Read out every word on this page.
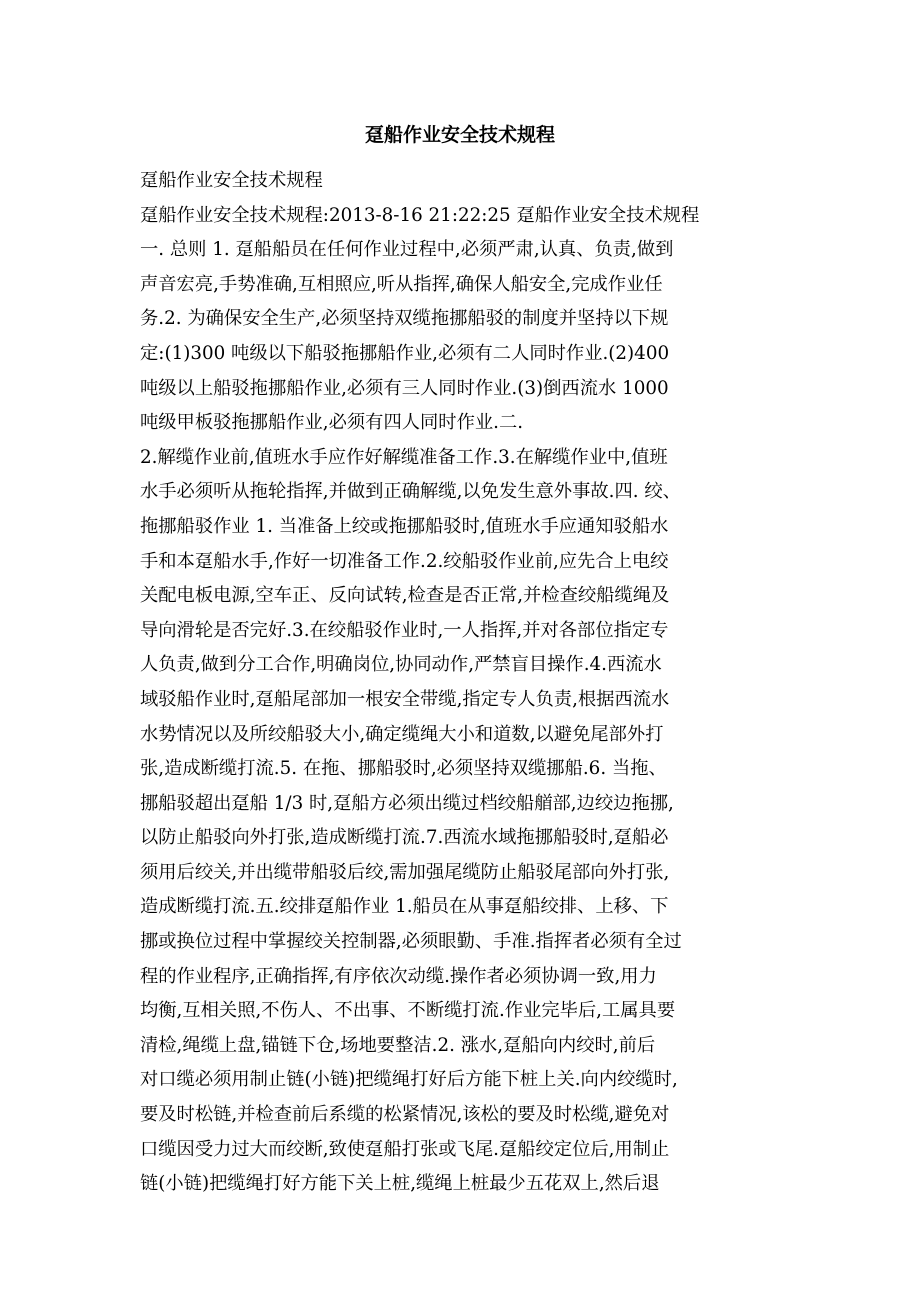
趸船作业安全技术规程
趸船作业安全技术规程
趸船作业安全技术规程:2013-8-16 21:22:25 趸船作业安全技术规程
一. 总则 1. 趸船船员在任何作业过程中,必须严肃,认真、负责,做到
声音宏亮,手势准确,互相照应,听从指挥,确保人船安全,完成作业任
务.2. 为确保安全生产,必须坚持双缆拖挪船驳的制度并坚持以下规
定:(1)300 吨级以下船驳拖挪船作业,必须有二人同时作业.(2)400
吨级以上船驳拖挪船作业,必须有三人同时作业.(3)倒西流水 1000
吨级甲板驳拖挪船作业,必须有四人同时作业.二.
2.解缆作业前,值班水手应作好解缆准备工作.3.在解缆作业中,值班
水手必须听从拖轮指挥,并做到正确解缆,以免发生意外事故.四. 绞、
拖挪船驳作业 1. 当准备上绞或拖挪船驳时,值班水手应通知驳船水
手和本趸船水手,作好一切准备工作.2.绞船驳作业前,应先合上电绞
关配电板电源,空车正、反向试转,检查是否正常,并检查绞船缆绳及
导向滑轮是否完好.3.在绞船驳作业时,一人指挥,并对各部位指定专
人负责,做到分工合作,明确岗位,协同动作,严禁盲目操作.4.西流水
域驳船作业时,趸船尾部加一根安全带缆,指定专人负责,根据西流水
水势情况以及所绞船驳大小,确定缆绳大小和道数,以避免尾部外打
张,造成断缆打流.5. 在拖、挪船驳时,必须坚持双缆挪船.6. 当拖、
挪船驳超出趸船 1/3 时,趸船方必须出缆过档绞船艏部,边绞边拖挪,
以防止船驳向外打张,造成断缆打流.7.西流水域拖挪船驳时,趸船必
须用后绞关,并出缆带船驳后绞,需加强尾缆防止船驳尾部向外打张,
造成断缆打流.五.绞排趸船作业 1.船员在从事趸船绞排、上移、下
挪或换位过程中掌握绞关控制器,必须眼勤、手准.指挥者必须有全过
程的作业程序,正确指挥,有序依次动缆.操作者必须协调一致,用力
均衡,互相关照,不伤人、不出事、不断缆打流.作业完毕后,工属具要
清检,绳缆上盘,锚链下仓,场地要整洁.2. 涨水,趸船向内绞时,前后
对口缆必须用制止链(小链)把缆绳打好后方能下桩上关.向内绞缆时,
要及时松链,并检查前后系缆的松紧情况,该松的要及时松缆,避免对
口缆因受力过大而绞断,致使趸船打张或飞尾.趸船绞定位后,用制止
链(小链)把缆绳打好方能下关上桩,缆绳上桩最少五花双上,然后退
